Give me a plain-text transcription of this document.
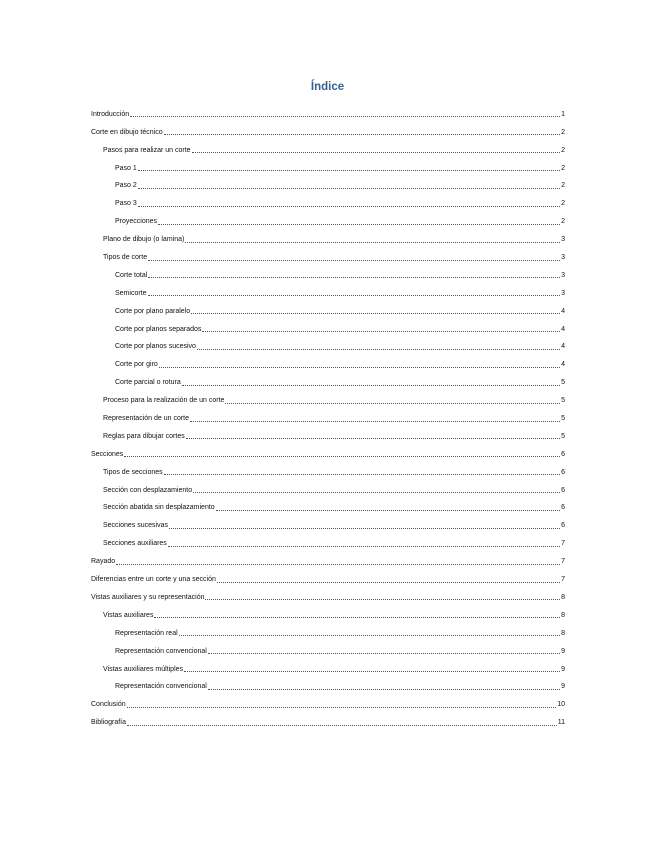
Índice
Introducción	1
Corte en dibujo técnico	2
Pasos para realizar un corte	2
Paso 1	2
Paso 2	2
Paso 3	2
Proyecciones	2
Plano de dibujo (o lamina)	3
Tipos de corte	3
Corte total	3
Semicorte	3
Corte por plano paralelo	4
Corte por planos separados	4
Corte por planos sucesivo	4
Corte por giro	4
Corte parcial o rotura	5
Proceso para la realización de un corte	5
Representación de un corte	5
Reglas para dibujar cortes	5
Secciones	6
Tipos de secciones	6
Sección con desplazamiento	6
Sección abatida sin desplazamiento	6
Secciones sucesivas	6
Secciones auxiliares	7
Rayado	7
Diferencias entre un corte y una sección	7
Vistas auxiliares y su representación	8
Vistas auxiliares	8
Representación real	8
Representación convencional	9
Vistas auxiliares múltiples	9
Representación convencional	9
Conclusión	10
Bibliografía	11
